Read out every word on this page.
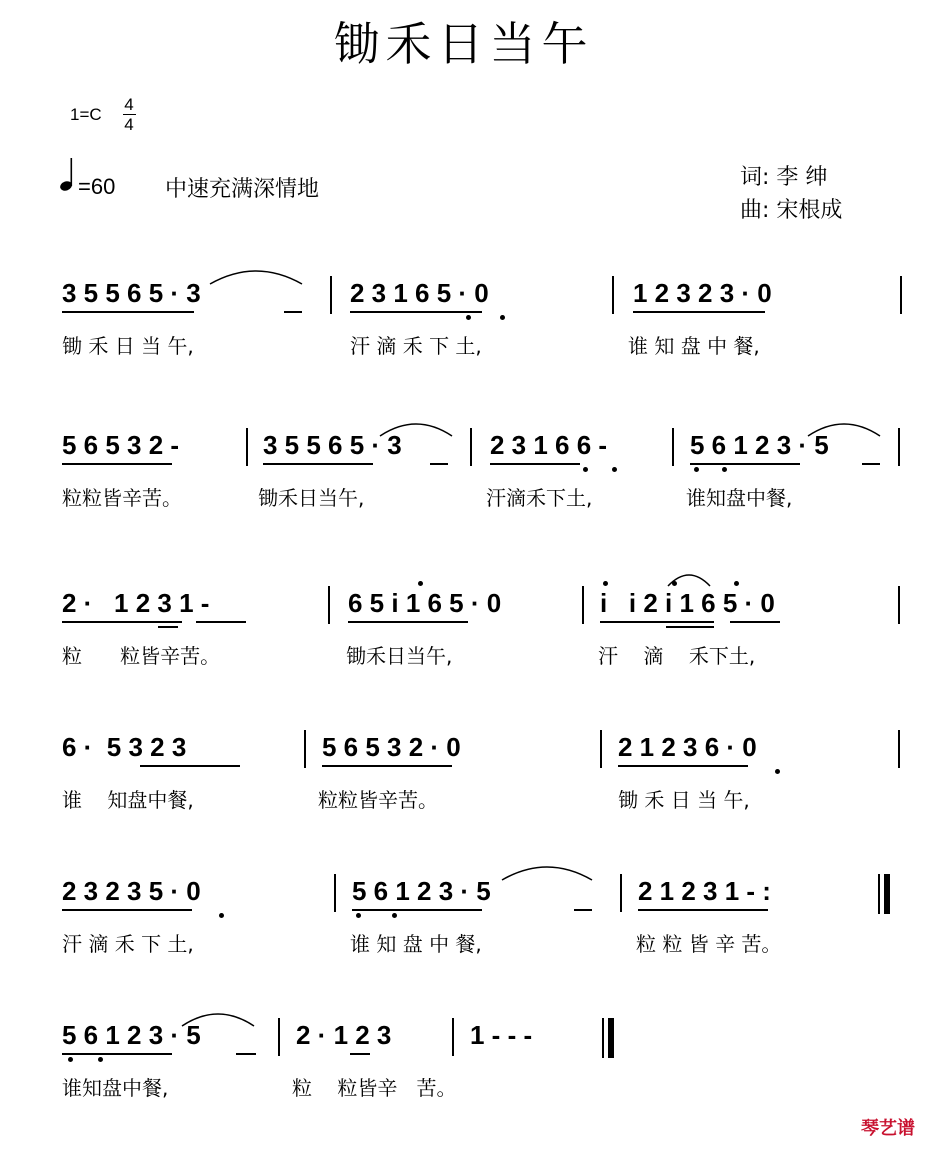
锄禾日当午
1=C
4
4
=60 中速充满深情地	词: 李 绅
曲: 宋根成
3 5 5 6 5 · 3	2 3 1 6 5 · 0	1 2 3 2 3 · 0
锄 禾 日 当 午,	汗 滴 禾 下 土,	谁 知 盘 中 餐,
5 6 5 3 2 -	3 5 5 6 5 · 3	2 3 1 6 6 -	5 6 1 2 3 · 5
粒粒皆辛苦。	锄禾日当午,	汗滴禾下土,	谁知盘中餐,
2 ·   1 2 3 1 -	6 5 i 1 6 5 · 0	i   i 2 i 1 6 5 · 0
粒      粒皆辛苦。	锄禾日当午,	汗    滴    禾下土,
6 ·  5 3 2 3	5 6 5 3 2 · 0	2 1 2 3 6 · 0
谁    知盘中餐,	粒粒皆辛苦。	锄 禾 日 当 午,
2 3 2 3 5 · 0	5 6 1 2 3 · 5	2 1 2 3 1 - :
汗 滴 禾 下 土,	谁 知 盘 中 餐,	粒 粒 皆 辛 苦。
5 6 1 2 3 · 5	2 · 1 2 3	1 - - -
谁知盘中餐,	粒    粒皆辛   苦。
琴艺谱
